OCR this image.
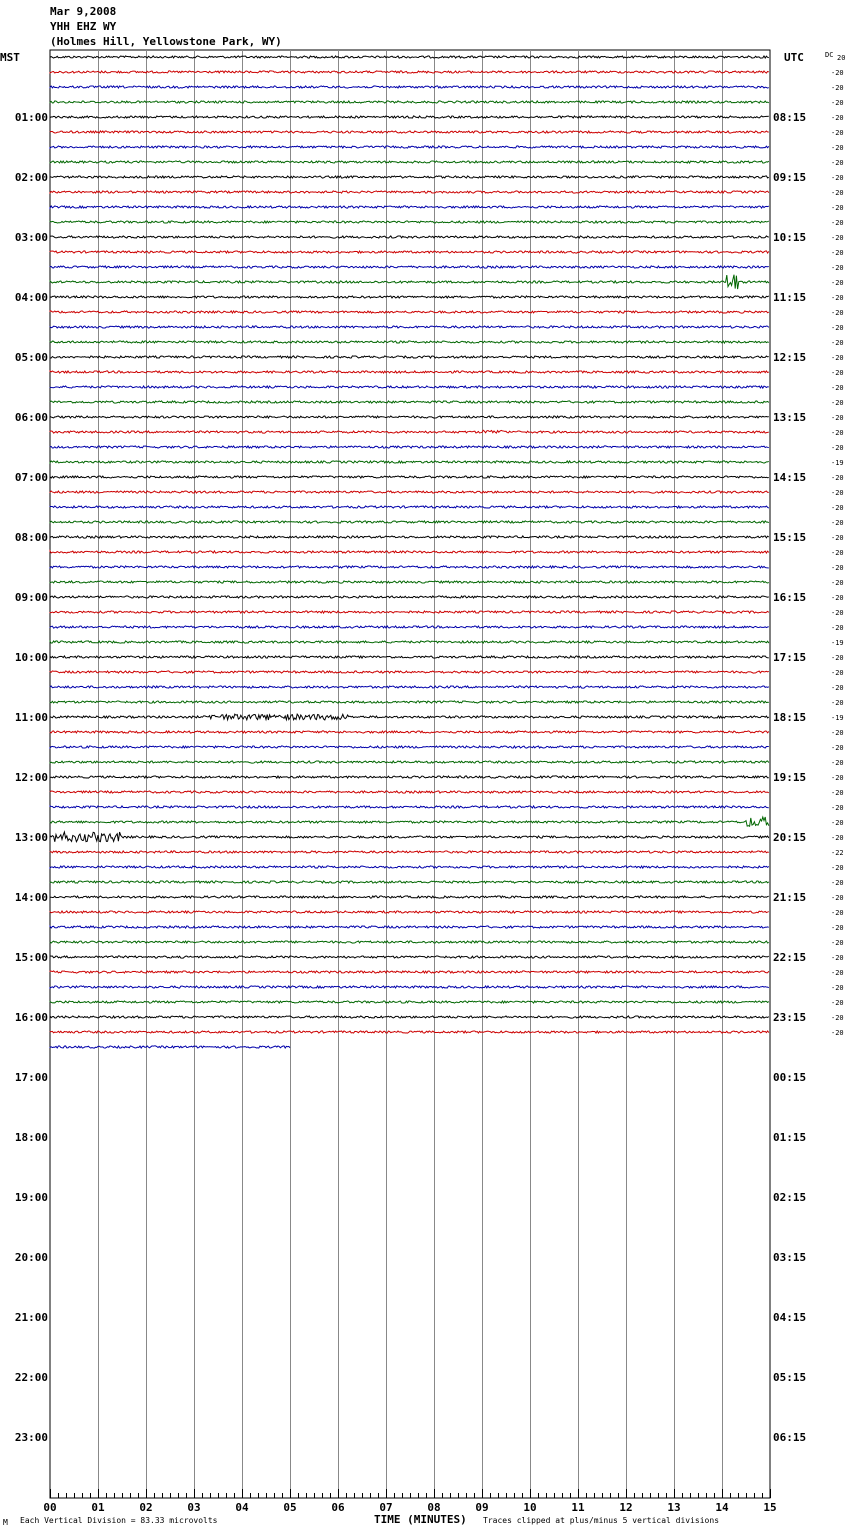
Mar 9,2008
YHH EHZ WY
(Holmes Hill, Yellowstone Park, WY)
MST	UTC	DC 20
-20
-20
-20
-20
-20
-20
-20
-20
-20
-20
-20
-20
-20
-20
-20
-20
-20
-20
-20
-20
-20
-20
-20
-20
-20
-20
-19
-20
-20
-20
-20
-20
-20
-20
-20
-20
-20
-20
-19
-20
-20
-20
-20
-19
-20
-20
-20
-20
-20
-20
-20
-20
-22
-20
-20
-20
-20
-20
-20
-20
-20
-20
-20
-20
-20
01:00	08:15
02:00	09:15
03:00	10:15
04:00	11:15
05:00	12:15
06:00	13:15
07:00	14:15
08:00	15:15
09:00	16:15
10:00	17:15
11:00	18:15
12:00	19:15
13:00	20:15
14:00	21:15
15:00	22:15
16:00	23:15
17:00	00:15
18:00	01:15
19:00	02:15
20:00	03:15
21:00	04:15
22:00	05:15
23:00	06:15
00	01	02	03	04	05	06	07	08	09	10	11	12	13	14	15
M Each Vertical Division = 83.33 microvolts	TIME (MINUTES) Traces clipped at plus/minus 5 vertical divisions
